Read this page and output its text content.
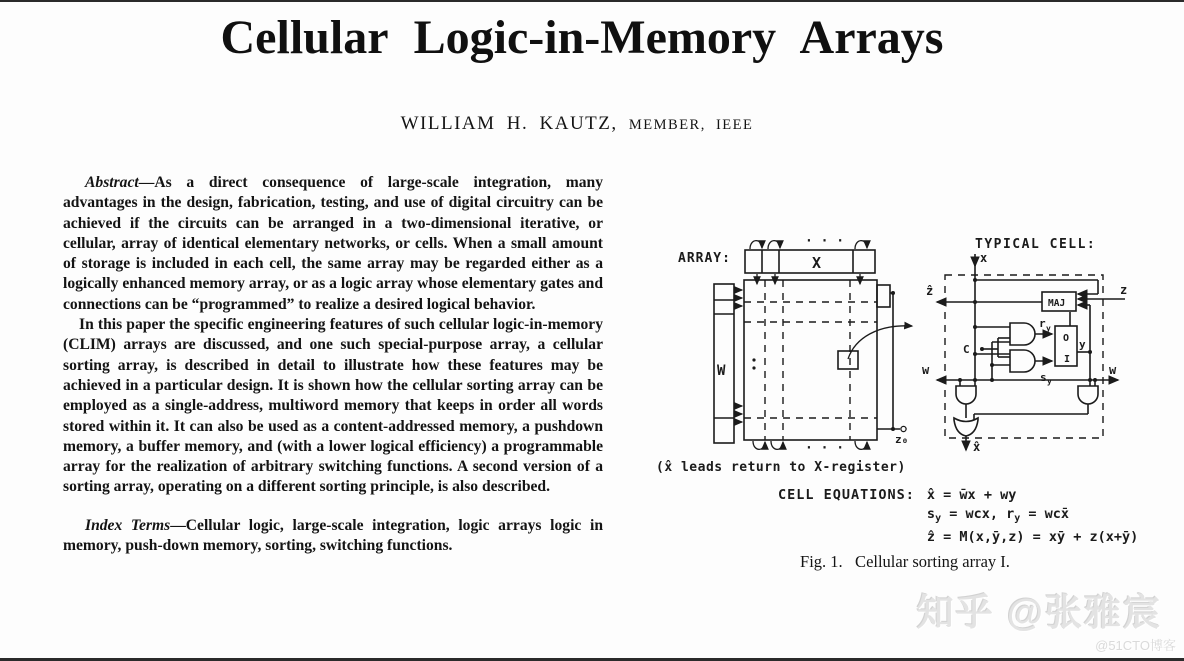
Cellular Logic-in-Memory Arrays
WILLIAM H. KAUTZ, MEMBER, IEEE

Abstract—As a direct consequence of large-scale integration, many advantages in the design, fabrication, testing, and use of digital circuitry can be achieved if the circuits can be arranged in a two-dimensional iterative, or cellular, array of identical elementary networks, or cells. When a small amount of storage is included in each cell, the same array may be regarded either as a logically enhanced memory array, or as a logic array whose elementary gates and connections can be “programmed” to realize a desired logical behavior.

In this paper the specific engineering features of such cellular logic-in-memory (CLIM) arrays are discussed, and one such special-purpose array, a cellular sorting array, is described in detail to illustrate how these features may be achieved in a particular design. It is shown how the cellular sorting array can be employed as a single-address, multiword memory that keeps in order all words stored within it. It can also be used as a content-addressed memory, a pushdown memory, a buffer memory, and (with a lower logical efficiency) a programmable array for the realization of arbitrary switching functions. A second version of a sorting array, operating on a different sorting principle, is also described.

Index Terms—Cellular logic, large-scale integration, logic arrays logic in memory, push-down memory, sorting, switching functions.

ARRAY:	X
· · ·
W
z₀
· · ·
(x̂ leads return to X-register)
TYPICAL CELL:
x
MAJ
ẑ	z
O
I
y
r y
s y
C
w	w
x̂
CELL EQUATIONS: x̂ = w̄x + wy
$s_y$ = wcx, $r_y$ = wcx̄
ẑ = M(x,ȳ,z) = xȳ + z(x+ȳ)
Fig. 1.   Cellular sorting array I.
知乎 @张雅宸
@51CTO博客
